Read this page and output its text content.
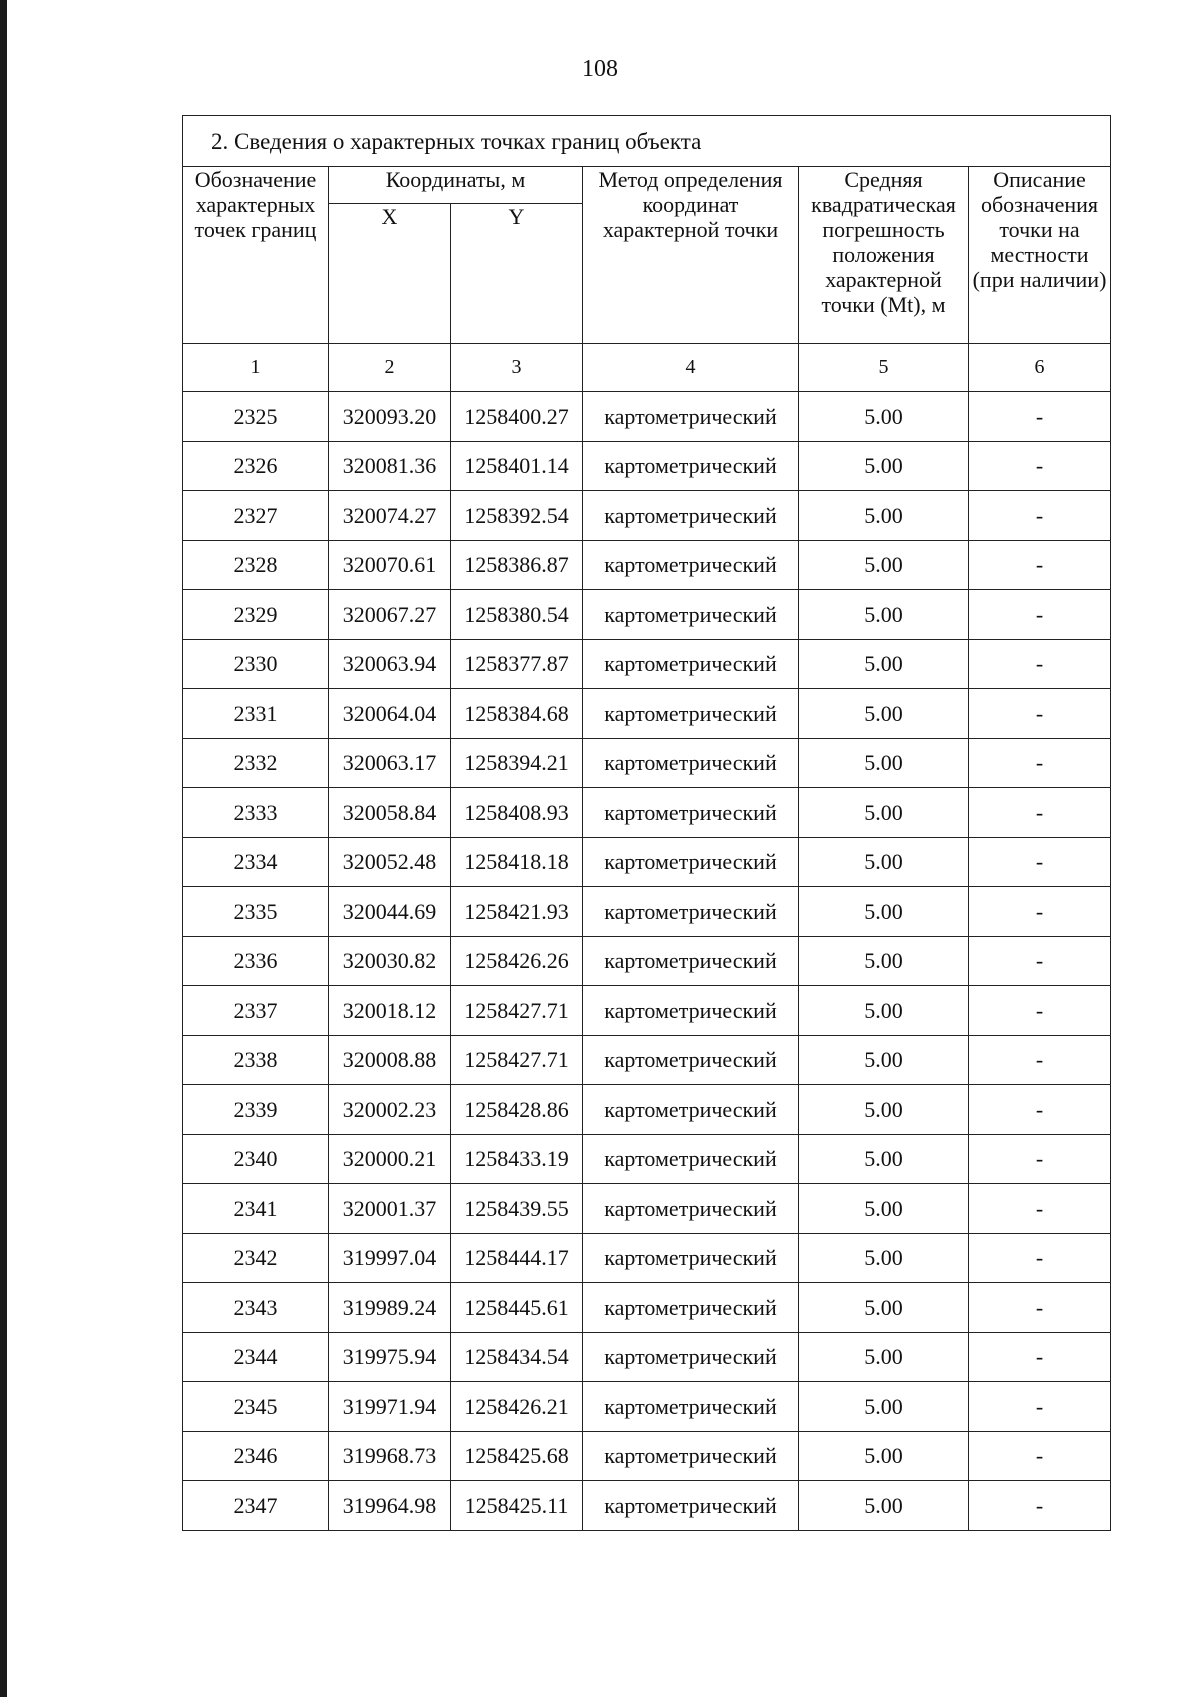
108
2. Сведения о характерных точках границ объекта					
Обозначение характерных точек границ	Координаты, м		Метод определения координат характерной точки	Средняя квадратическая погрешность положения характерной точки (Mt), м	Описание обозначения точки на местности (при наличии)
	X	Y			
1	2	3	4	5	6
2325	320093.20	1258400.27	картометрический	5.00	-
2326	320081.36	1258401.14	картометрический	5.00	-
2327	320074.27	1258392.54	картометрический	5.00	-
2328	320070.61	1258386.87	картометрический	5.00	-
2329	320067.27	1258380.54	картометрический	5.00	-
2330	320063.94	1258377.87	картометрический	5.00	-
2331	320064.04	1258384.68	картометрический	5.00	-
2332	320063.17	1258394.21	картометрический	5.00	-
2333	320058.84	1258408.93	картометрический	5.00	-
2334	320052.48	1258418.18	картометрический	5.00	-
2335	320044.69	1258421.93	картометрический	5.00	-
2336	320030.82	1258426.26	картометрический	5.00	-
2337	320018.12	1258427.71	картометрический	5.00	-
2338	320008.88	1258427.71	картометрический	5.00	-
2339	320002.23	1258428.86	картометрический	5.00	-
2340	320000.21	1258433.19	картометрический	5.00	-
2341	320001.37	1258439.55	картометрический	5.00	-
2342	319997.04	1258444.17	картометрический	5.00	-
2343	319989.24	1258445.61	картометрический	5.00	-
2344	319975.94	1258434.54	картометрический	5.00	-
2345	319971.94	1258426.21	картометрический	5.00	-
2346	319968.73	1258425.68	картометрический	5.00	-
2347	319964.98	1258425.11	картометрический	5.00	-
